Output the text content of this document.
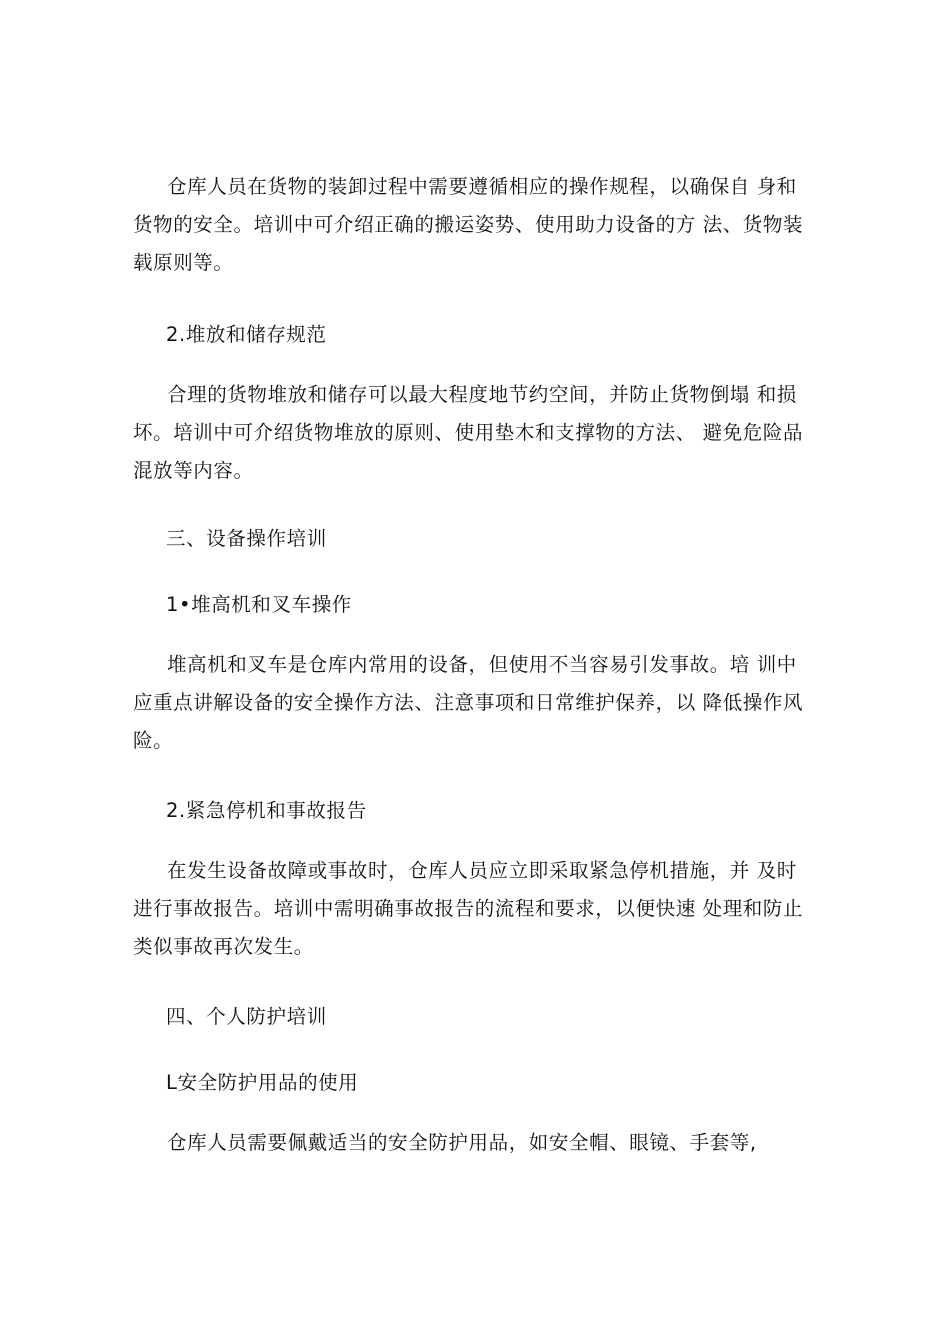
仓库人员在货物的装卸过程中需要遵循相应的操作规程，以确保自 身和货物的安全。培训中可介绍正确的搬运姿势、使用助力设备的方 法、货物装载原则等。

2.堆放和储存规范

合理的货物堆放和储存可以最大程度地节约空间，并防止货物倒塌 和损坏。培训中可介绍货物堆放的原则、使用垫木和支撑物的方法、 避免危险品混放等内容。

三、设备操作培训

1•堆高机和叉车操作

堆高机和叉车是仓库内常用的设备，但使用不当容易引发事故。培 训中应重点讲解设备的安全操作方法、注意事项和日常维护保养，以 降低操作风险。

2.紧急停机和事故报告

在发生设备故障或事故时，仓库人员应立即采取紧急停机措施，并 及时进行事故报告。培训中需明确事故报告的流程和要求，以便快速 处理和防止类似事故再次发生。

四、个人防护培训

L安全防护用品的使用

仓库人员需要佩戴适当的安全防护用品，如安全帽、眼镜、手套等,
